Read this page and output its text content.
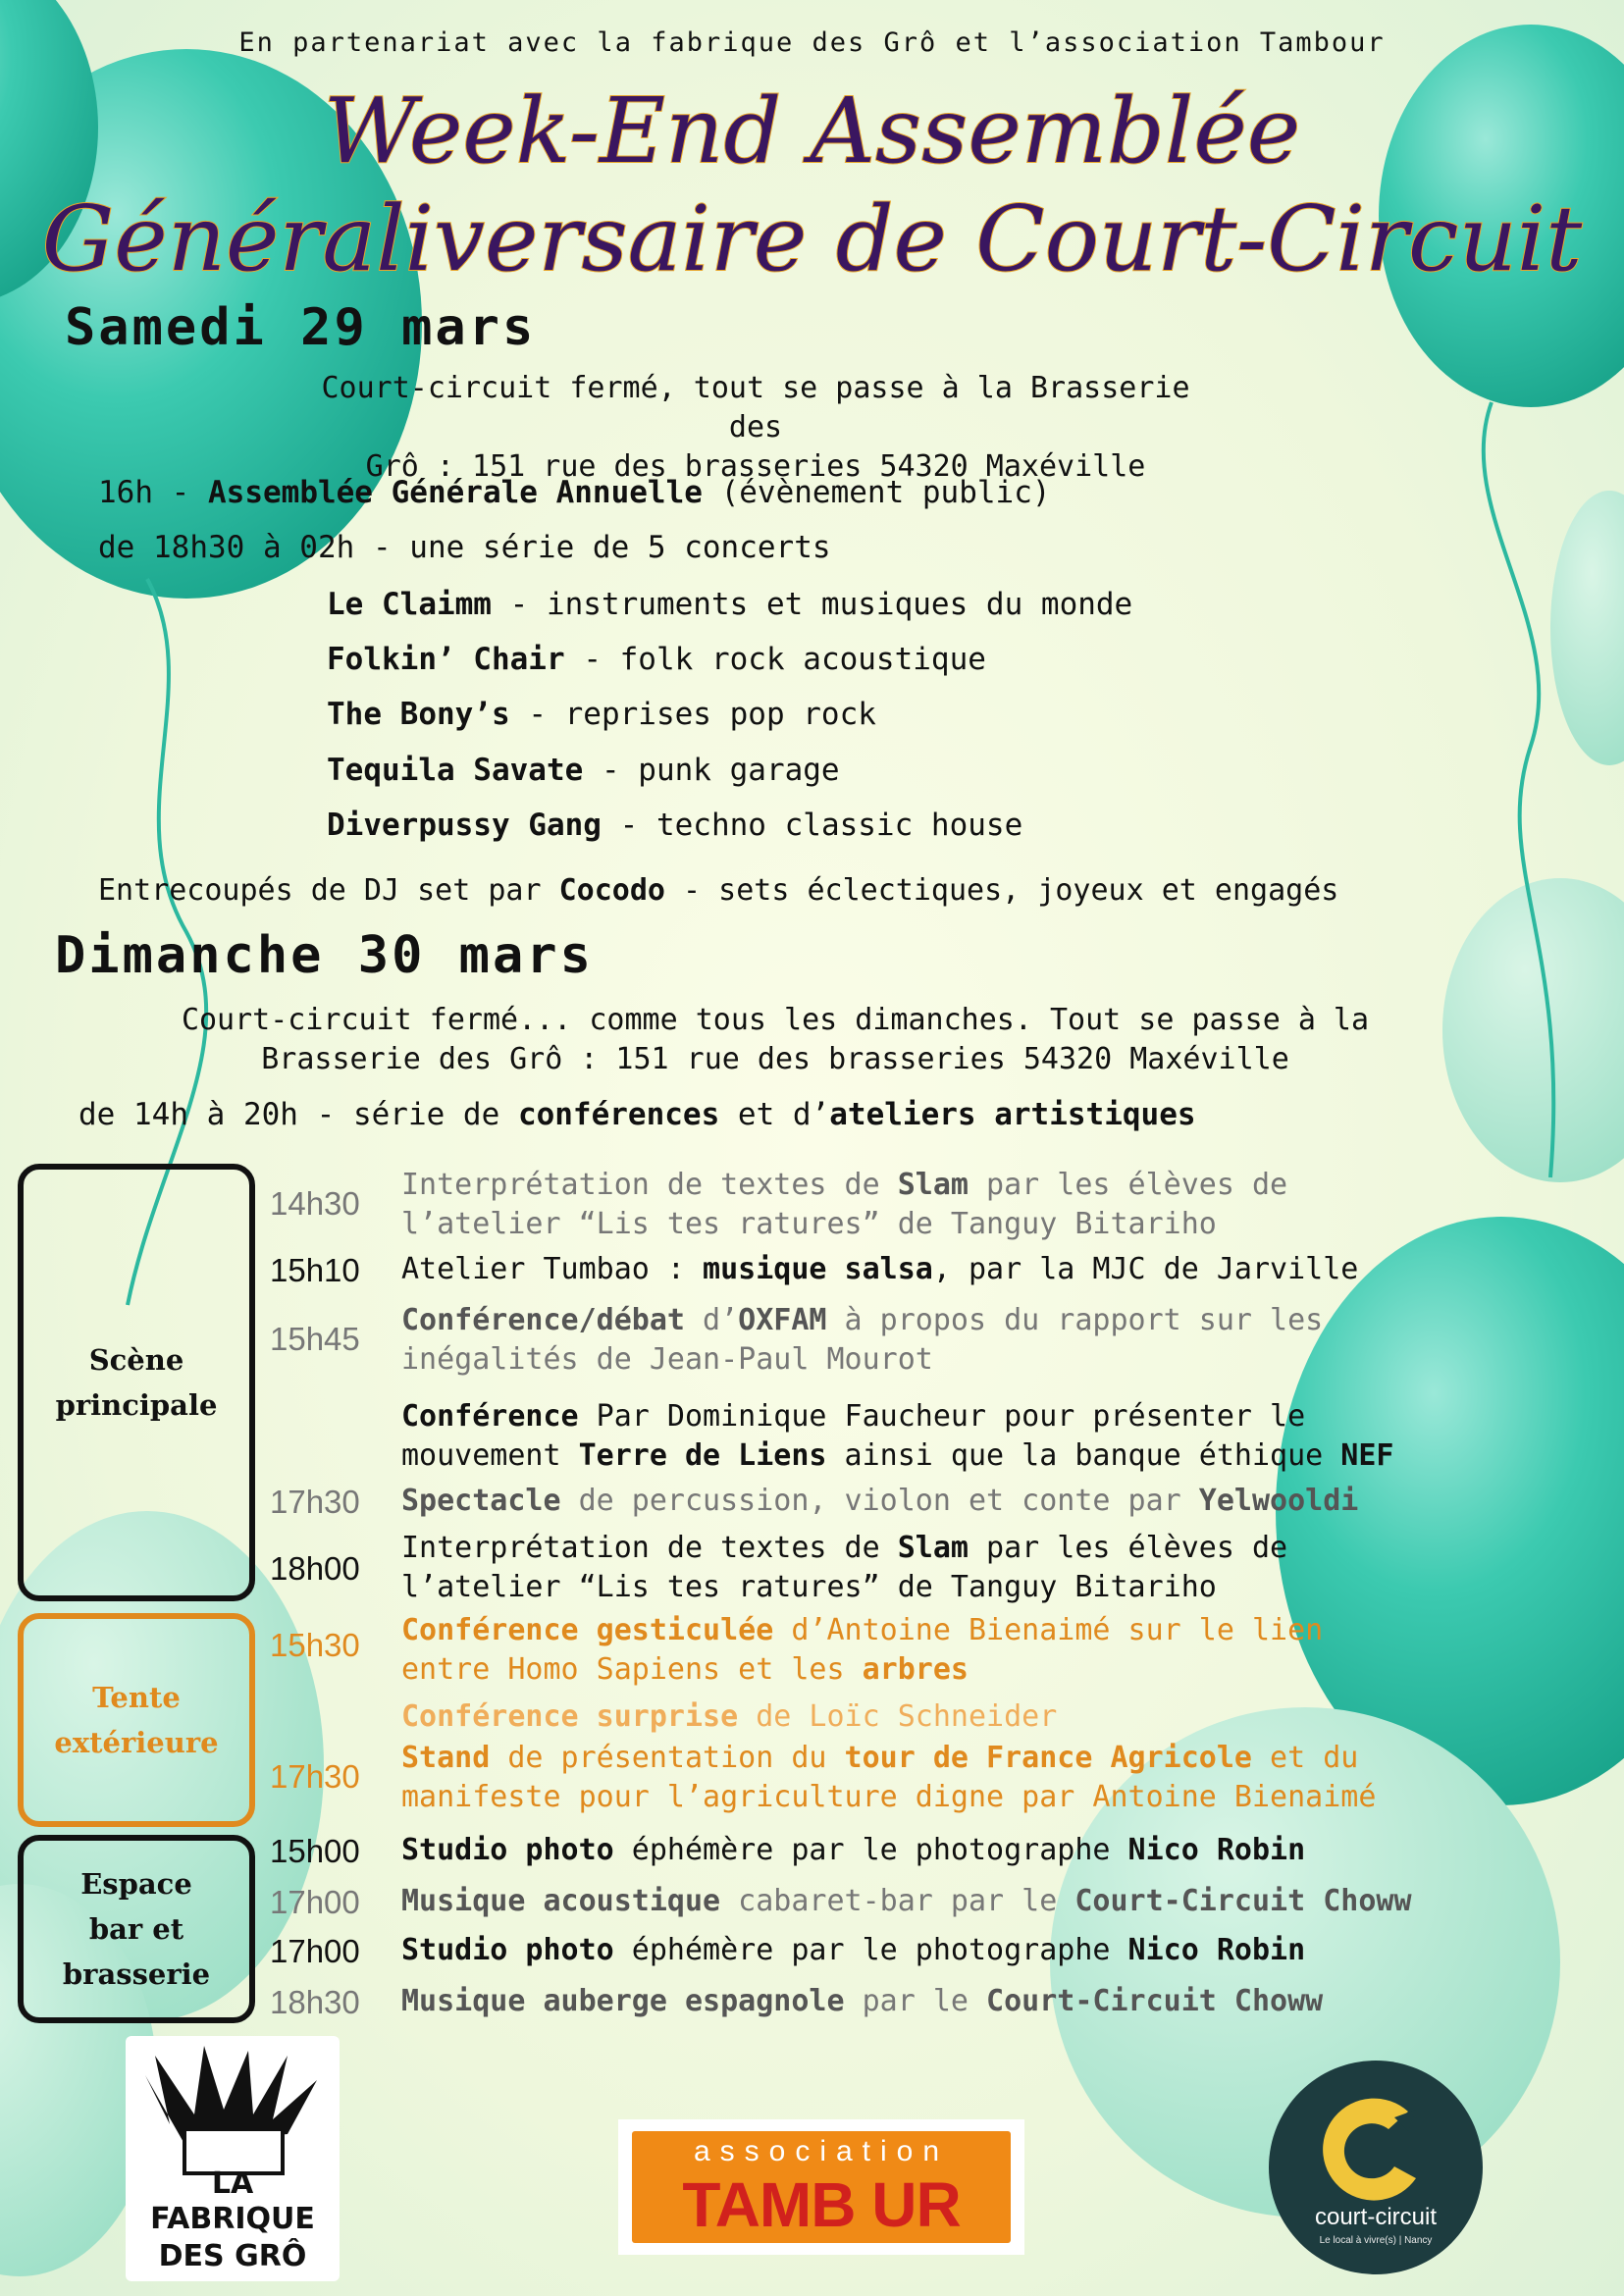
En partenariat avec la fabrique des Grô et l’association Tambour
Week-End Assemblée
Généraliversaire de Court-Circuit
Samedi 29 mars
Court-circuit fermé, tout se passe à la Brasserie des
Grô : 151 rue des brasseries 54320 Maxéville
16h - Assemblée Générale Annuelle (évènement public)
de 18h30 à 02h - une série de 5 concerts
Le Claimm - instruments et musiques du monde
Folkin’ Chair - folk rock acoustique
The Bony’s - reprises pop rock
Tequila Savate - punk garage
Diverpussy Gang - techno classic house
Entrecoupés de DJ set par Cocodo - sets éclectiques, joyeux et engagés
Dimanche 30 mars
Court-circuit fermé... comme tous les dimanches. Tout se passe à la
Brasserie des Grô : 151 rue des brasseries 54320 Maxéville
de 14h à 20h - série de conférences et d’ateliers artistiques
Scène
principale
Tente
extérieure
Espace
bar et
brasserie
14h30
Interprétation de textes de Slam par les élèves de
l’atelier “Lis tes ratures” de Tanguy Bitariho
15h10 Atelier Tumbao : musique salsa, par la MJC de Jarville
15h45
Conférence/débat d’OXFAM à propos du rapport sur les
inégalités de Jean-Paul Mourot
Conférence Par Dominique Faucheur pour présenter le
mouvement Terre de Liens ainsi que la banque éthique NEF
17h30 Spectacle de percussion, violon et conte par Yelwooldi
18h00
Interprétation de textes de Slam par les élèves de
l’atelier “Lis tes ratures” de Tanguy Bitariho
15h30 Conférence gesticulée d’Antoine Bienaimé sur le lien
entre Homo Sapiens et les arbres
Conférence surprise de Loïc Schneider
17h30
Stand de présentation du tour de France Agricole et du
manifeste pour l’agriculture digne par Antoine Bienaimé
15h00 Studio photo éphémère par le photographe Nico Robin
17h00 Musique acoustique cabaret-bar par le Court-Circuit Choww
17h00 Studio photo éphémère par le photographe Nico Robin
18h30 Musique auberge espagnole par le Court-Circuit Choww
LA
FABRIQUE
DES GRÔ
association
TAMB UR	court-circuit
Le local à vivre(s) | Nancy
